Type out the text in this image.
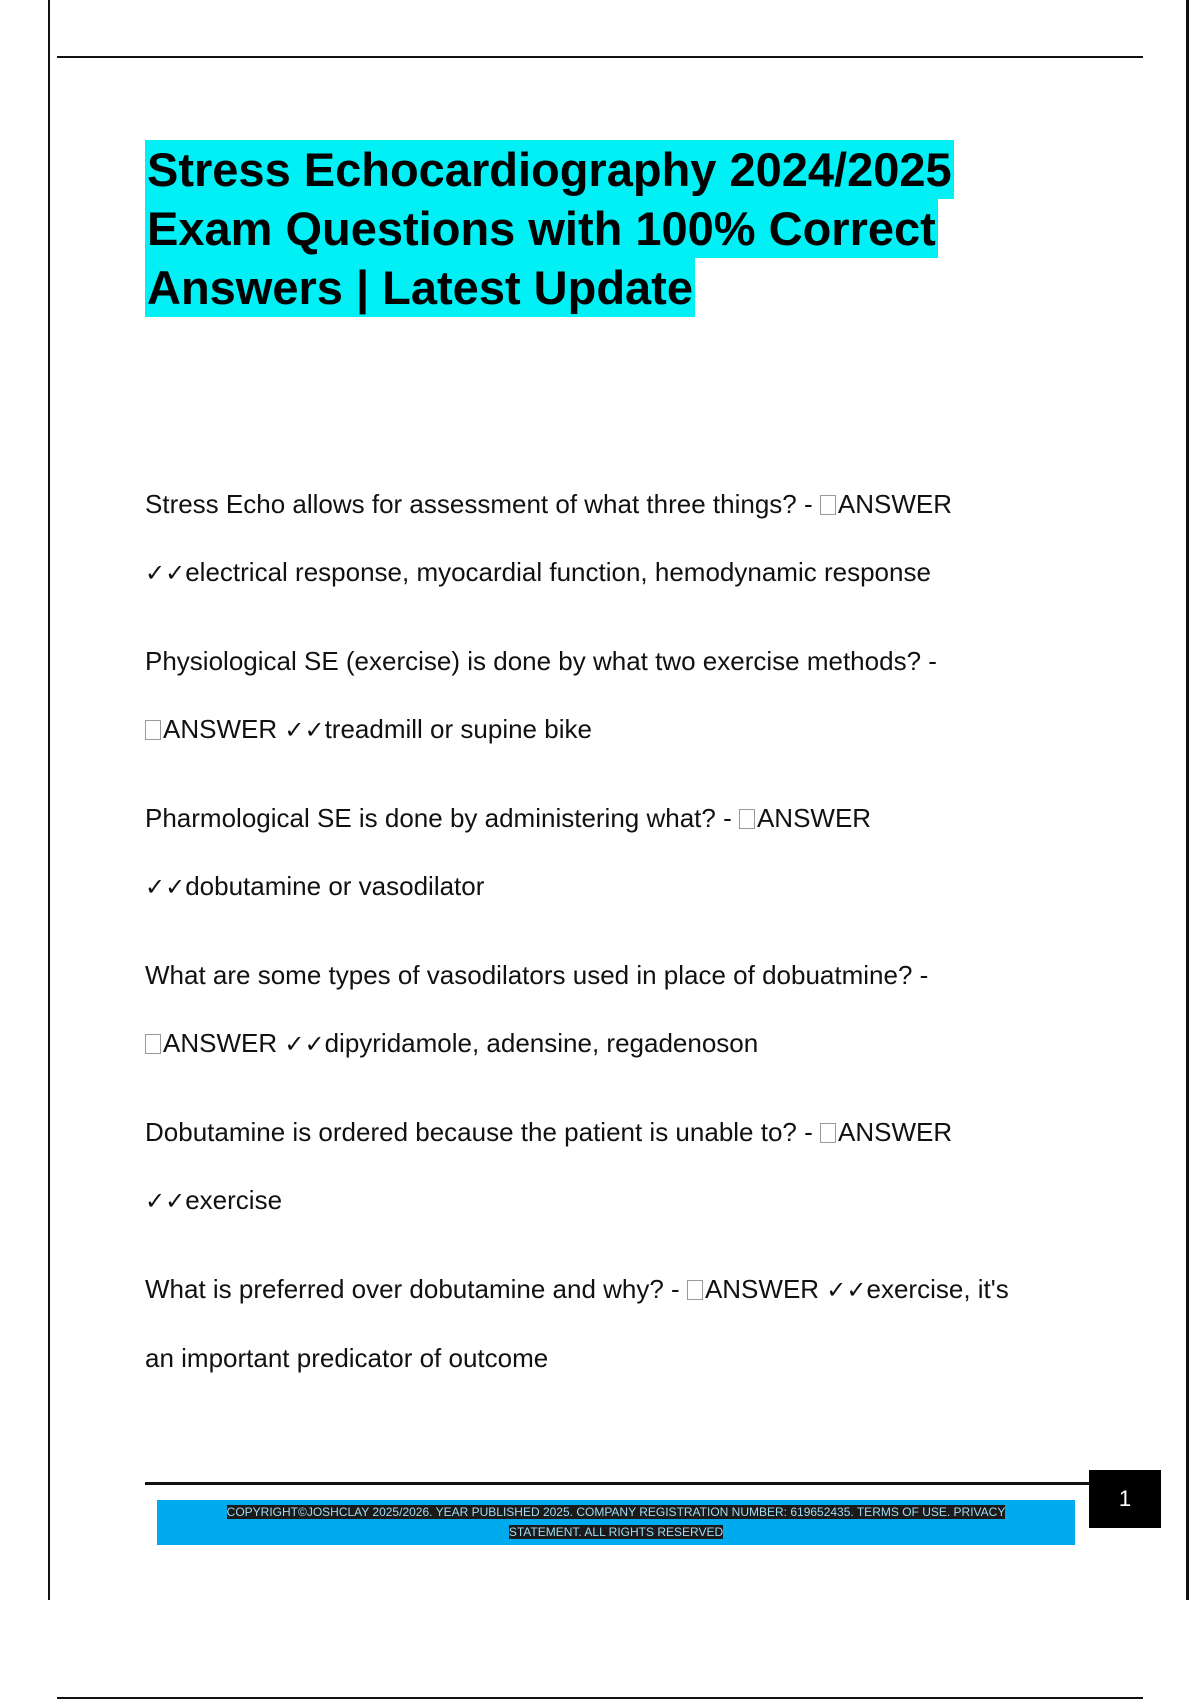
Stress Echocardiography 2024/2025
Exam Questions with 100% Correct
Answers | Latest Update

Stress Echo allows for assessment of what three things? - ANSWER

✓✓electrical response, myocardial function, hemodynamic response

Physiological SE (exercise) is done by what two exercise methods? -

ANSWER ✓✓treadmill or supine bike

Pharmological SE is done by administering what? - ANSWER

✓✓dobutamine or vasodilator

What are some types of vasodilators used in place of dobuatmine? -

ANSWER ✓✓dipyridamole, adensine, regadenoson

Dobutamine is ordered because the patient is unable to? - ANSWER

✓✓exercise

What is preferred over dobutamine and why? - ANSWER ✓✓exercise, it's

an important predicator of outcome

COPYRIGHT©JOSHCLAY 2025/2026. YEAR PUBLISHED 2025. COMPANY REGISTRATION NUMBER: 619652435. TERMS OF USE. PRIVACY
STATEMENT. ALL RIGHTS RESERVED
1
